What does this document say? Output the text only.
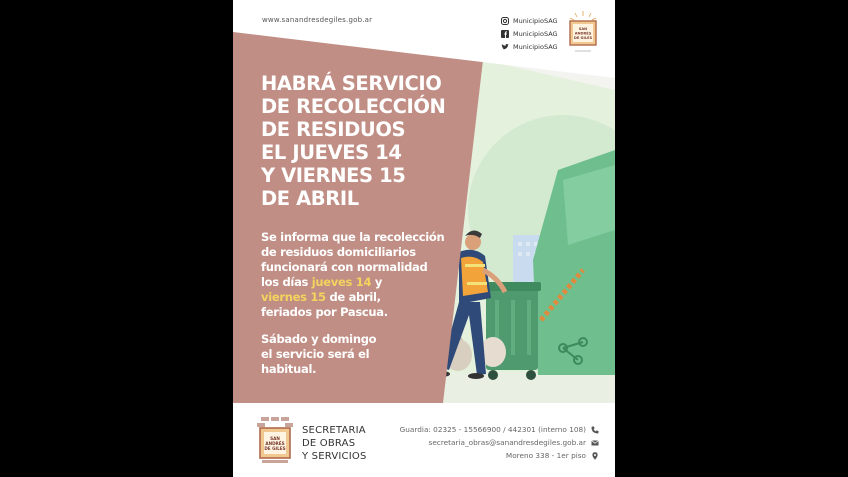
HABRÁ SERVICIO
DE RECOLECCIÓN
DE RESIDUOS
EL JUEVES 14
Y VIERNES 15
DE ABRIL
Se informa que la recolección
de residuos domiciliarios
funcionará con normalidad
los días jueves 14 y
viernes 15 de abril,
feriados por Pascua.
Sábado y domingo
el servicio será el
habitual.
www.sanandresdegiles.gob.ar	MunicipioSAG
MunicipioSAG
MunicipioSAG
SAN
ANDRÉS
DE GILES
SAN
ANDRÉS
DE GILES
SECRETARIA
DE OBRAS
Y SERVICIOS
Guardia: 02325 - 15566900 / 442301 (interno 108)
secretaria_obras@sanandresdegiles.gob.ar
Moreno 338 - 1er piso
